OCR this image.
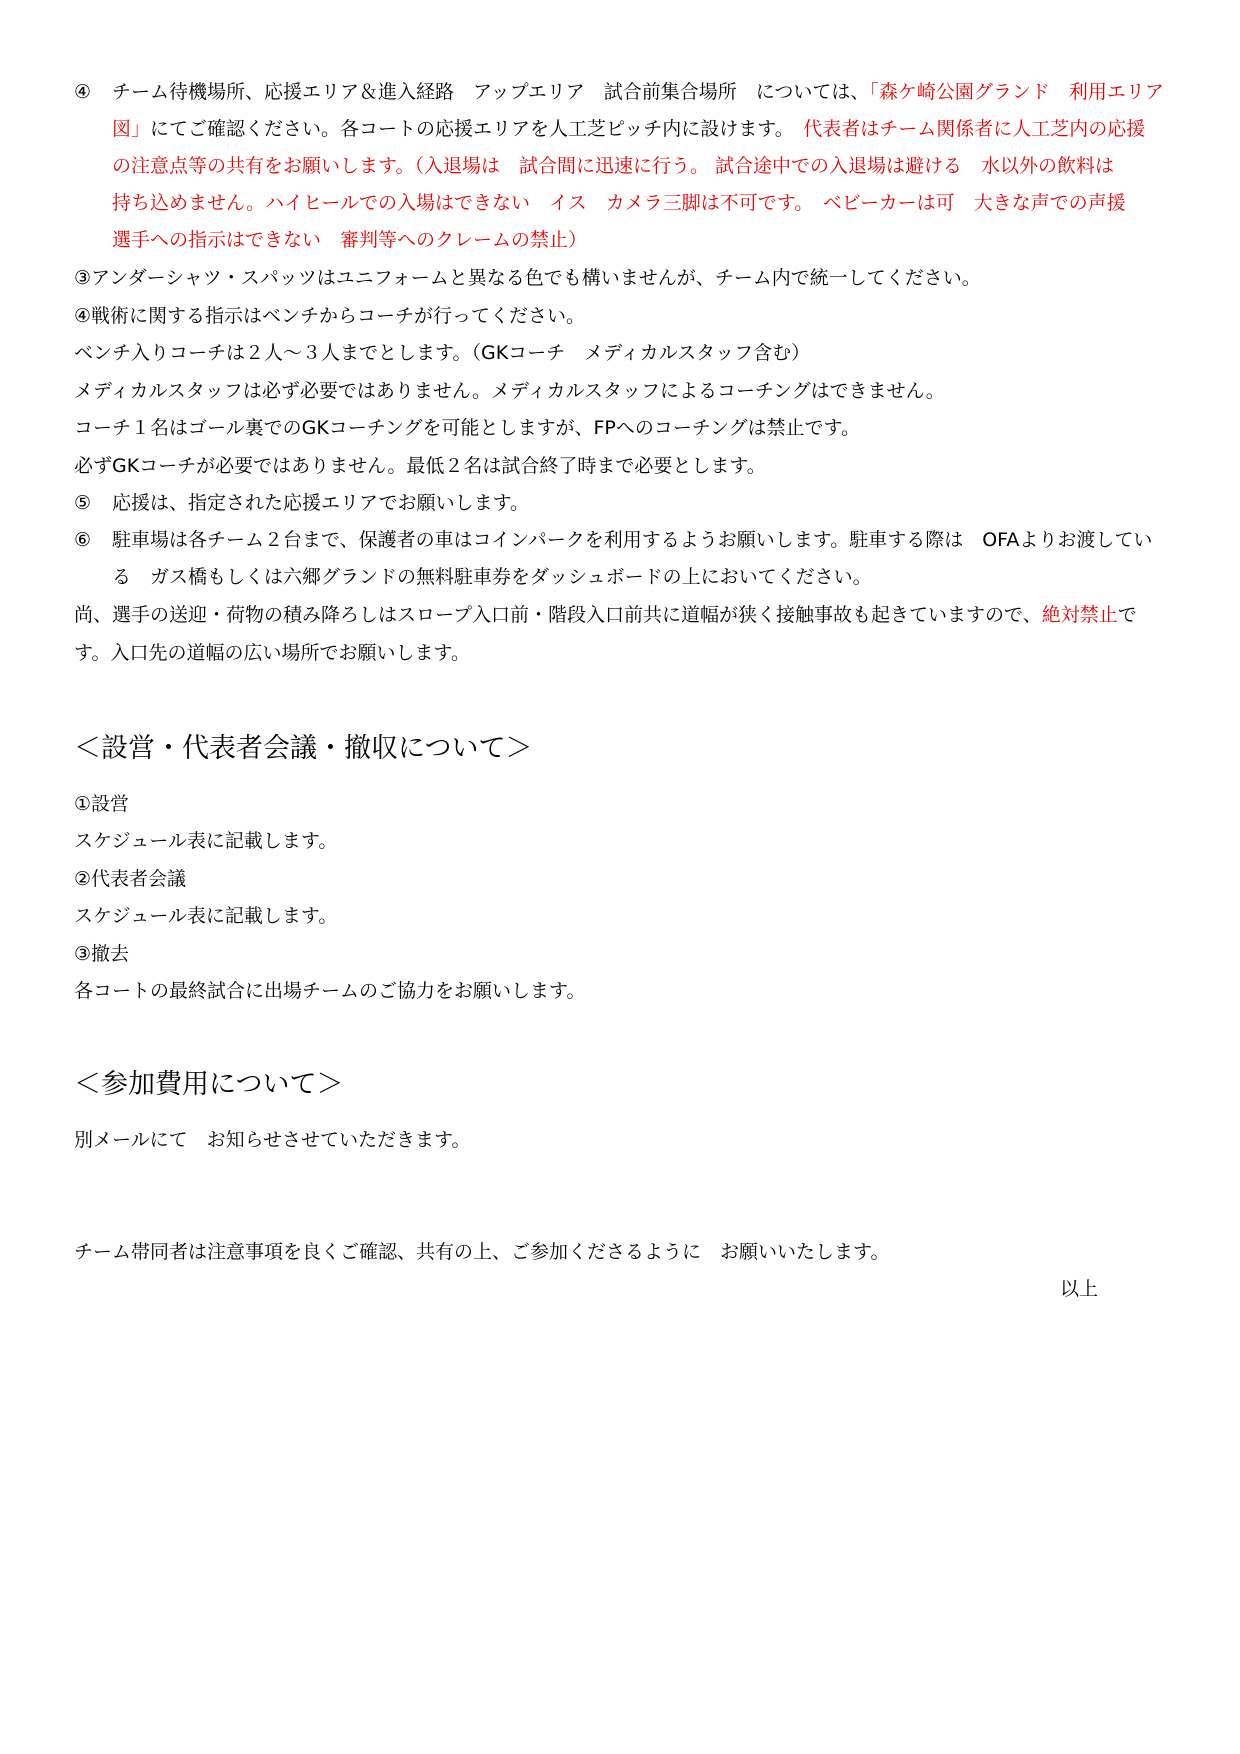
④ チーム待機場所、応援エリア＆進入経路　アップエリア　試合前集合場所　については、「森ケ崎公園グランド　利用エリア
図」にてご確認ください。各コートの応援エリアを人工芝ピッチ内に設けます。　 代表者はチーム関係者に人工芝内の応援
の注意点等の共有をお願いします。（入退場は　試合間に迅速に行う。 試合途中での入退場は避ける　水以外の飲料は
持ち込めません。ハイヒールでの入場はできない　イス　カメラ三脚は不可です。　ベビーカーは可　大きな声での声援
選手への指示はできない　審判等へのクレームの禁止）
③アンダーシャツ・スパッツはユニフォームと異なる色でも構いませんが、チーム内で統一してください。
④戦術に関する指示はベンチからコーチが行ってください。
ベンチ入りコーチは２人～３人までとします。（GKコーチ　メディカルスタッフ含む）
メディカルスタッフは必ず必要ではありません。メディカルスタッフによるコーチングはできません。
コーチ１名はゴール裏でのGKコーチングを可能としますが、FPへのコーチングは禁止です。
必ずGKコーチが必要ではありません。最低２名は試合終了時まで必要とします。
⑤ 応援は、指定された応援エリアでお願いします。
⑥ 駐車場は各チーム２台まで、保護者の車はコインパークを利用するようお願いします。駐車する際は　OFAよりお渡してい
る　ガス橋もしくは六郷グランドの無料駐車券をダッシュボードの上においてください。
尚、選手の送迎・荷物の積み降ろしはスロープ入口前・階段入口前共に道幅が狭く接触事故も起きていますので、絶対禁止で
す。入口先の道幅の広い場所でお願いします。
＜設営・代表者会議・撤収について＞
①設営
スケジュール表に記載します。
②代表者会議
スケジュール表に記載します。
③撤去
各コートの最終試合に出場チームのご協力をお願いします。
＜参加費用について＞
別メールにて　お知らせさせていただきます。
チーム帯同者は注意事項を良くご確認、共有の上、ご参加くださるように　お願いいたします。
以上
